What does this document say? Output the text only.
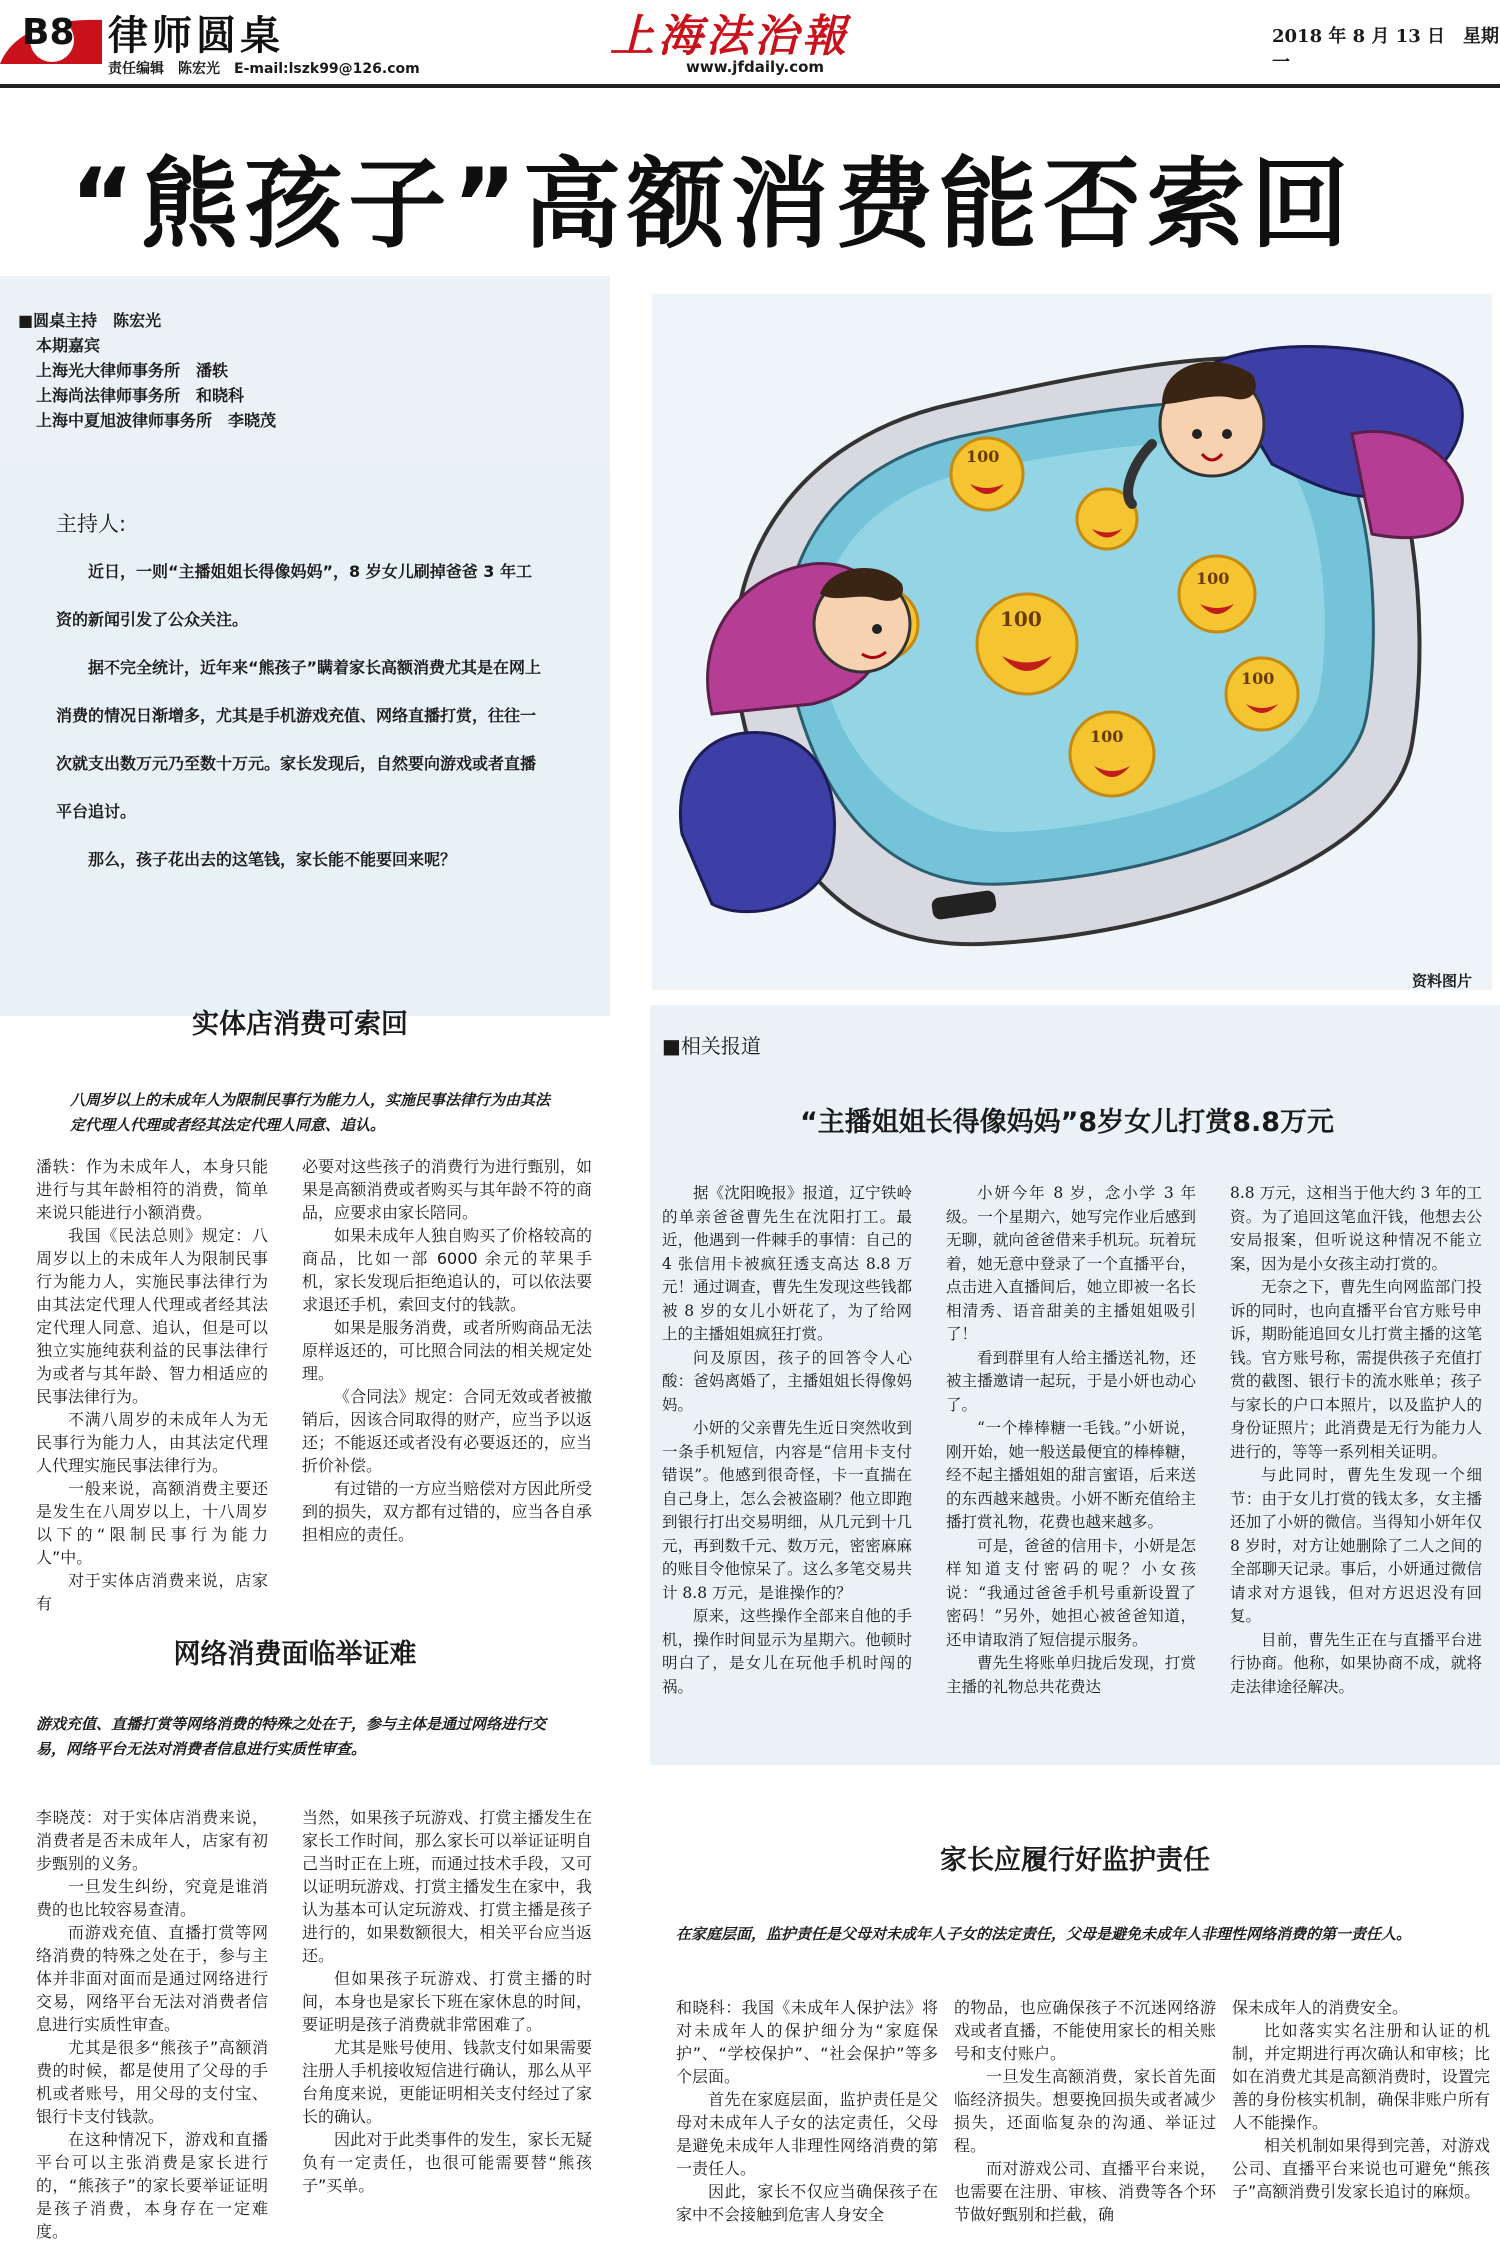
B8 律师圆桌
责任编辑　陈宏光　E-mail:lszk99@126.com
上海法治報
www.jfdaily.com
2018 年 8 月 13 日　星期一
“熊孩子”高额消费能否索回
■圆桌主持　陈宏光
本期嘉宾
上海光大律师事务所　潘轶
上海尚法律师事务所　和晓科
上海中夏旭波律师事务所　李晓茂
主持人:

近日，一则“主播姐姐长得像妈妈”，8 岁女儿刷掉爸爸 3 年工资的新闻引发了公众关注。

据不完全统计，近年来“熊孩子”瞒着家长高额消费尤其是在网上消费的情况日渐增多，尤其是手机游戏充值、网络直播打赏，往往一次就支出数万元乃至数十万元。家长发现后，自然要向游戏或者直播平台追讨。

那么，孩子花出去的这笔钱，家长能不能要回来呢？

实体店消费可索回
八周岁以上的未成年人为限制民事行为能力人，实施民事法律行为由其法定代理人代理或者经其法定代理人同意、追认。

潘轶：作为未成年人，本身只能进行与其年龄相符的消费，简单来说只能进行小额消费。

我国《民法总则》规定：八周岁以上的未成年人为限制民事行为能力人，实施民事法律行为由其法定代理人代理或者经其法定代理人同意、追认，但是可以独立实施纯获利益的民事法律行为或者与其年龄、智力相适应的民事法律行为。

不满八周岁的未成年人为无民事行为能力人，由其法定代理人代理实施民事法律行为。

一般来说，高额消费主要还是发生在八周岁以上，十八周岁以下的“限制民事行为能力人”中。

对于实体店消费来说，店家有

必要对这些孩子的消费行为进行甄别，如果是高额消费或者购买与其年龄不符的商品，应要求由家长陪同。

如果未成年人独自购买了价格较高的商品，比如一部 6000 余元的苹果手机，家长发现后拒绝追认的，可以依法要求退还手机，索回支付的钱款。

如果是服务消费，或者所购商品无法原样返还的，可比照合同法的相关规定处理。

《合同法》规定：合同无效或者被撤销后，因该合同取得的财产，应当予以返还；不能返还或者没有必要返还的，应当折价补偿。

有过错的一方应当赔偿对方因此所受到的损失，双方都有过错的，应当各自承担相应的责任。

网络消费面临举证难
游戏充值、直播打赏等网络消费的特殊之处在于，参与主体是通过网络进行交易，网络平台无法对消费者信息进行实质性审查。

李晓茂：对于实体店消费来说，消费者是否未成年人，店家有初步甄别的义务。

一旦发生纠纷，究竟是谁消费的也比较容易查清。

而游戏充值、直播打赏等网络消费的特殊之处在于，参与主体并非面对面而是通过网络进行交易，网络平台无法对消费者信息进行实质性审查。

尤其是很多“熊孩子”高额消费的时候，都是使用了父母的手机或者账号，用父母的支付宝、银行卡支付钱款。

在这种情况下，游戏和直播平台可以主张消费是家长进行的，“熊孩子”的家长要举证证明是孩子消费，本身存在一定难度。

当然，如果孩子玩游戏、打赏主播发生在家长工作时间，那么家长可以举证证明自己当时正在上班，而通过技术手段，又可以证明玩游戏、打赏主播发生在家中，我认为基本可认定玩游戏、打赏主播是孩子进行的，如果数额很大，相关平台应当返还。

但如果孩子玩游戏、打赏主播的时间，本身也是家长下班在家休息的时间，要证明是孩子消费就非常困难了。

尤其是账号使用、钱款支付如果需要注册人手机接收短信进行确认，那么从平台角度来说，更能证明相关支付经过了家长的确认。

因此对于此类事件的发生，家长无疑负有一定责任，也很可能需要替“熊孩子”买单。

100
100
100
100
100
资料图片
■相关报道
“主播姐姐长得像妈妈”8岁女儿打赏8.8万元

据《沈阳晚报》报道，辽宁铁岭的单亲爸爸曹先生在沈阳打工。最近，他遇到一件棘手的事情：自己的 4 张信用卡被疯狂透支高达 8.8 万元！通过调查，曹先生发现这些钱都被 8 岁的女儿小妍花了，为了给网上的主播姐姐疯狂打赏。

问及原因，孩子的回答令人心酸：爸妈离婚了，主播姐姐长得像妈妈。

小妍的父亲曹先生近日突然收到一条手机短信，内容是“信用卡支付错误”。他感到很奇怪，卡一直揣在自己身上，怎么会被盗刷？他立即跑到银行打出交易明细，从几元到十几元，再到数千元、数万元，密密麻麻的账目令他惊呆了。这么多笔交易共计 8.8 万元，是谁操作的？

原来，这些操作全部来自他的手机，操作时间显示为星期六。他顿时明白了，是女儿在玩他手机时闯的祸。

小妍今年 8 岁，念小学 3 年级。一个星期六，她写完作业后感到无聊，就向爸爸借来手机玩。玩着玩着，她无意中登录了一个直播平台，点击进入直播间后，她立即被一名长相清秀、语音甜美的主播姐姐吸引了！

看到群里有人给主播送礼物，还被主播邀请一起玩，于是小妍也动心了。

“一个棒棒糖一毛钱。”小妍说，刚开始，她一般送最便宜的棒棒糖，经不起主播姐姐的甜言蜜语，后来送的东西越来越贵。小妍不断充值给主播打赏礼物，花费也越来越多。

可是，爸爸的信用卡，小妍是怎样知道支付密码的呢？小女孩说：“我通过爸爸手机号重新设置了密码！”另外，她担心被爸爸知道，还申请取消了短信提示服务。

曹先生将账单归拢后发现，打赏主播的礼物总共花费达

8.8 万元，这相当于他大约 3 年的工资。为了追回这笔血汗钱，他想去公安局报案，但听说这种情况不能立案，因为是小女孩主动打赏的。

无奈之下，曹先生向网监部门投诉的同时，也向直播平台官方账号申诉，期盼能追回女儿打赏主播的这笔钱。官方账号称，需提供孩子充值打赏的截图、银行卡的流水账单；孩子与家长的户口本照片，以及监护人的身份证照片；此消费是无行为能力人进行的，等等一系列相关证明。

与此同时，曹先生发现一个细节：由于女儿打赏的钱太多，女主播还加了小妍的微信。当得知小妍年仅 8 岁时，对方让她删除了二人之间的全部聊天记录。事后，小妍通过微信请求对方退钱，但对方迟迟没有回复。

目前，曹先生正在与直播平台进行协商。他称，如果协商不成，就将走法律途径解决。

家长应履行好监护责任
在家庭层面，监护责任是父母对未成年人子女的法定责任，父母是避免未成年人非理性网络消费的第一责任人。

和晓科：我国《未成年人保护法》将对未成年人的保护细分为“家庭保护”、“学校保护”、“社会保护”等多个层面。

首先在家庭层面，监护责任是父母对未成年人子女的法定责任，父母是避免未成年人非理性网络消费的第一责任人。

因此，家长不仅应当确保孩子在家中不会接触到危害人身安全

的物品，也应确保孩子不沉迷网络游戏或者直播，不能使用家长的相关账号和支付账户。

一旦发生高额消费，家长首先面临经济损失。想要挽回损失或者减少损失，还面临复杂的沟通、举证过程。

而对游戏公司、直播平台来说，也需要在注册、审核、消费等各个环节做好甄别和拦截，确

保未成年人的消费安全。

比如落实实名注册和认证的机制，并定期进行再次确认和审核；比如在消费尤其是高额消费时，设置完善的身份核实机制，确保非账户所有人不能操作。

相关机制如果得到完善，对游戏公司、直播平台来说也可避免“熊孩子”高额消费引发家长追讨的麻烦。
